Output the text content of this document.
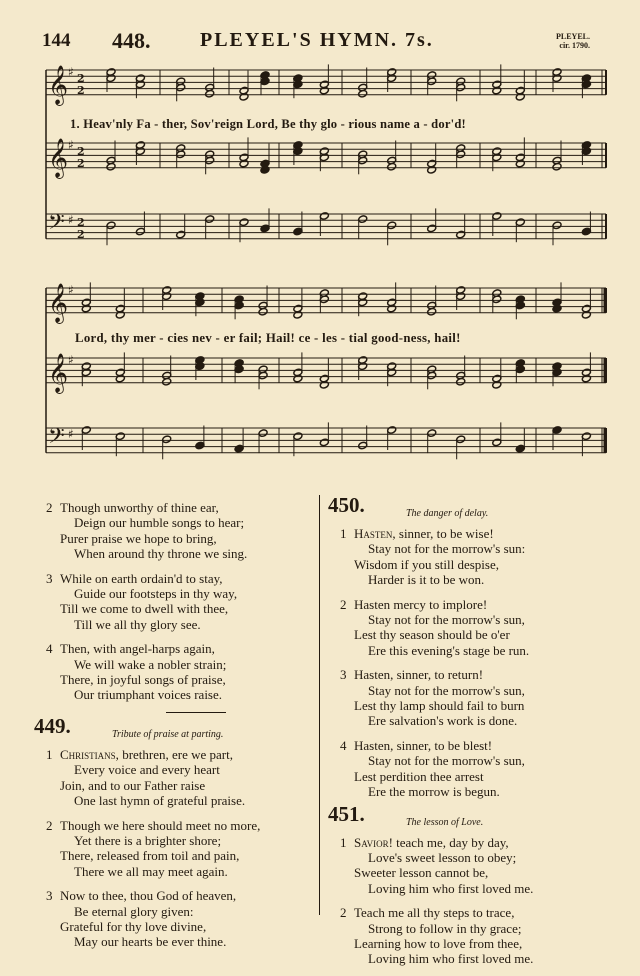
144 448. PLEYEL'S HYMN. 7s.	PLEYEL.
cir. 1790.
𝄞 ♯ 2
2
𝄞 ♯ 2
2
𝄢 ♯ 2
2
𝄞 ♯
𝄞 ♯
𝄢 ♯
1. Heav'nly Fa - ther, Sov'reign Lord, Be thy glo - rious name a - dor'd!
Lord, thy mer - cies nev - er fail; Hail! ce - les - tial good-ness, hail!
2 Though unworthy of thine ear,
Deign our humble songs to hear;
Purer praise we hope to bring,
When around thy throne we sing.
3 While on earth ordain'd to stay,
Guide our footsteps in thy way,
Till we come to dwell with thee,
Till we all thy glory see.
4 Then, with angel-harps again,
We will wake a nobler strain;
There, in joyful songs of praise,
Our triumphant voices raise.
449.	Tribute of praise at parting.
1 Christians, brethren, ere we part,
Every voice and every heart
Join, and to our Father raise
One last hymn of grateful praise.
2 Though we here should meet no more,
Yet there is a brighter shore;
There, released from toil and pain,
There we all may meet again.
3 Now to thee, thou God of heaven,
Be eternal glory given:
Grateful for thy love divine,
May our hearts be ever thine.
450.	The danger of delay.
1 Hasten, sinner, to be wise!
Stay not for the morrow's sun:
Wisdom if you still despise,
Harder is it to be won.
2 Hasten mercy to implore!
Stay not for the morrow's sun,
Lest thy season should be o'er
Ere this evening's stage be run.
3 Hasten, sinner, to return!
Stay not for the morrow's sun,
Lest thy lamp should fail to burn
Ere salvation's work is done.
4 Hasten, sinner, to be blest!
Stay not for the morrow's sun,
Lest perdition thee arrest
Ere the morrow is begun.
451.	The lesson of Love.
1 Savior! teach me, day by day,
Love's sweet lesson to obey;
Sweeter lesson cannot be,
Loving him who first loved me.
2 Teach me all thy steps to trace,
Strong to follow in thy grace;
Learning how to love from thee,
Loving him who first loved me.
